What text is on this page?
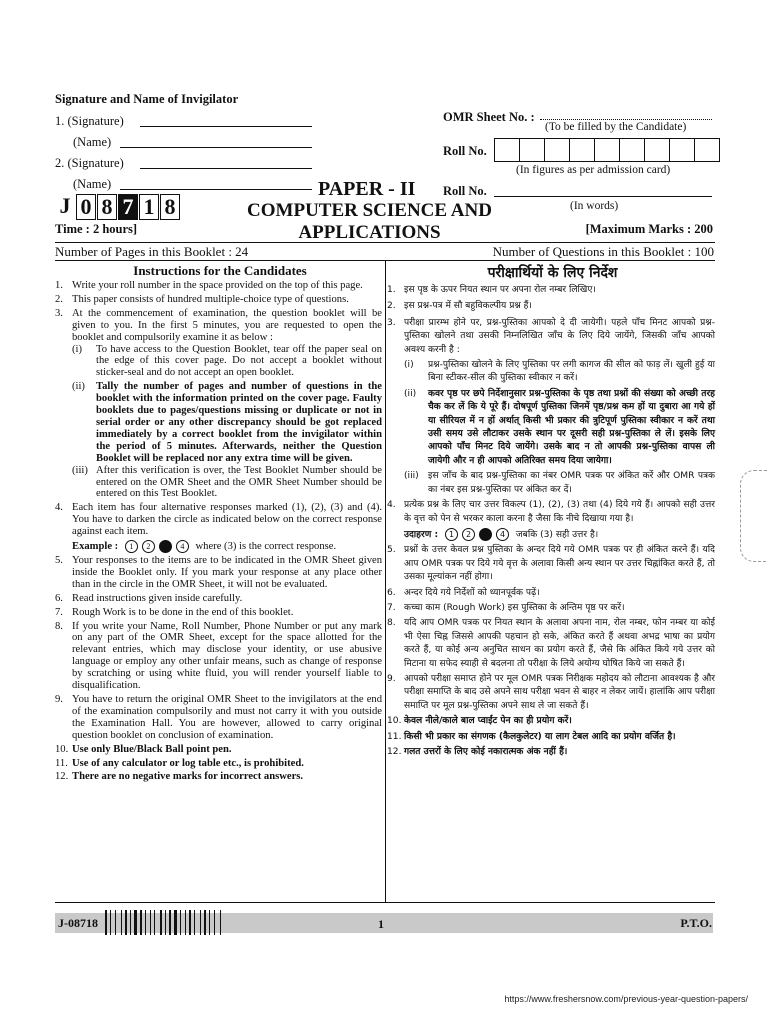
Signature and Name of Invigilator
1. (Signature)
(Name)
2. (Signature)
(Name)
J 0 8 7 1 8
PAPER - II
COMPUTER SCIENCE AND APPLICATIONS
Time : 2 hours]	[Maximum Marks : 200
OMR Sheet No. :
(To be filled by the Candidate)
Roll No.
(In figures as per admission card)
Roll No.
(In words)
Number of Pages in this Booklet : 24	Number of Questions in this Booklet : 100
Instructions for the Candidates
1. Write your roll number in the space provided on the top of this page.
2. This paper consists of hundred multiple-choice type of questions.
3. At the commencement of examination, the question booklet will be given to you. In the first 5 minutes, you are requested to open the booklet and compulsorily examine it as below :
(i)	To have access to the Question Booklet, tear off the paper seal on the edge of this cover page. Do not accept a booklet without sticker-seal and do not accept an open booklet.
(ii)	Tally the number of pages and number of questions in the booklet with the information printed on the cover page. Faulty booklets due to pages/questions missing or duplicate or not in serial order or any other discrepancy should be got replaced immediately by a correct booklet from the invigilator within the period of 5 minutes. Afterwards, neither the Question Booklet will be replaced nor any extra time will be given.
(iii) After this verification is over, the Test Booklet Number should be entered on the OMR Sheet and the OMR Sheet Number should be entered on this Test Booklet.
4. Each item has four alternative responses marked (1), (2), (3) and (4). You have to darken the circle as indicated below on the correct response against each item.
Example :	1	2	4	where (3) is the correct response.
5. Your responses to the items are to be indicated in the OMR Sheet given inside the Booklet only. If you mark your response at any place other than in the circle in the OMR Sheet, it will not be evaluated.
6. Read instructions given inside carefully.
7. Rough Work is to be done in the end of this booklet.
8. If you write your Name, Roll Number, Phone Number or put any mark on any part of the OMR Sheet, except for the space allotted for the relevant entries, which may disclose your identity, or use abusive language or employ any other unfair means, such as change of response by scratching or using white fluid, you will render yourself liable to disqualification.
9. You have to return the original OMR Sheet to the invigilators at the end of the examination compulsorily and must not carry it with you outside the Examination Hall. You are however, allowed to carry original question booklet on conclusion of examination.
10. Use only Blue/Black Ball point pen.
11. Use of any calculator or log table etc., is prohibited.
12. There are no negative marks for incorrect answers.
परीक्षार्थियों के लिए निर्देश
1. इस पृष्ठ के ऊपर नियत स्थान पर अपना रोल नम्बर लिखिए।
2. इस प्रश्न-पत्र में सौ बहुविकल्पीय प्रश्न हैं।
3. परीक्षा प्रारम्भ होने पर, प्रश्न-पुस्तिका आपको दे दी जायेगी। पहले पाँच मिनट आपको प्रश्न-पुस्तिका खोलने तथा उसकी निम्नलिखित जाँच के लिए दिये जायेंगे, जिसकी जाँच आपको अवश्य करनी है :
(i)	प्रश्न-पुस्तिका खोलने के लिए पुस्तिका पर लगी कागज की सील को फाड़ लें। खुली हुई या बिना स्टीकर-सील की पुस्तिका स्वीकार न करें।
(ii)	कवर पृष्ठ पर छपे निर्देशानुसार प्रश्न-पुस्तिका के पृष्ठ तथा प्रश्नों की संख्या को अच्छी तरह चैक कर लें कि ये पूरे हैं। दोषपूर्ण पुस्तिका जिनमें पृष्ठ/प्रश्न कम हों या दुबारा आ गये हों या सीरियल में न हों अर्थात् किसी भी प्रकार की त्रुटिपूर्ण पुस्तिका स्वीकार न करें तथा उसी समय उसे लौटाकर उसके स्थान पर दूसरी सही प्रश्न-पुस्तिका ले लें। इसके लिए आपको पाँच मिनट दिये जायेंगे। उसके बाद न तो आपकी प्रश्न-पुस्तिका वापस ली जायेगी और न ही आपको अतिरिक्त समय दिया जायेगा।
(iii)	इस जाँच के बाद प्रश्न-पुस्तिका का नंबर OMR पत्रक पर अंकित करें और OMR पत्रक का नंबर इस प्रश्न-पुस्तिका पर अंकित कर दें।
4. प्रत्येक प्रश्न के लिए चार उत्तर विकल्प (1), (2), (3) तथा (4) दिये गये हैं। आपको सही उत्तर के वृत्त को पेन से भरकर काला करना है जैसा कि नीचे दिखाया गया है।
उदाहरण :	1	2	4	जबकि (3) सही उत्तर है।
5. प्रश्नों के उत्तर केवल प्रश्न पुस्तिका के अन्दर दिये गये OMR पत्रक पर ही अंकित करने हैं। यदि आप OMR पत्रक पर दिये गये वृत्त के अलावा किसी अन्य स्थान पर उत्तर चिह्नांकित करते हैं, तो उसका मूल्यांकन नहीं होगा।
6. अन्दर दिये गये निर्देशों को ध्यानपूर्वक पढ़ें।
7. कच्चा काम (Rough Work) इस पुस्तिका के अन्तिम पृष्ठ पर करें।
8. यदि आप OMR पत्रक पर नियत स्थान के अलावा अपना नाम, रोल नम्बर, फोन नम्बर या कोई भी ऐसा चिह्न जिससे आपकी पहचान हो सके, अंकित करते हैं अथवा अभद्र भाषा का प्रयोग करते हैं, या कोई अन्य अनुचित साधन का प्रयोग करते हैं, जैसे कि अंकित किये गये उत्तर को मिटाना या सफेद स्याही से बदलना तो परीक्षा के लिये अयोग्य घोषित किये जा सकते हैं।
9. आपको परीक्षा समाप्त होने पर मूल OMR पत्रक निरीक्षक महोदय को लौटाना आवश्यक है और परीक्षा समाप्ति के बाद उसे अपने साथ परीक्षा भवन से बाहर न लेकर जायें। हालांकि आप परीक्षा समाप्ति पर मूल प्रश्न-पुस्तिका अपने साथ ले जा सकते हैं।
10. केवल नीले/काले बाल प्वाईंट पेन का ही प्रयोग करें।
11. किसी भी प्रकार का संगणक (कैलकुलेटर) या लाग टेबल आदि का प्रयोग वर्जित है।
12. गलत उत्तरों के लिए कोई नकारात्मक अंक नहीं हैं।
J-08718	1	P.T.O.
https://www.freshersnow.com/previous-year-question-papers/
